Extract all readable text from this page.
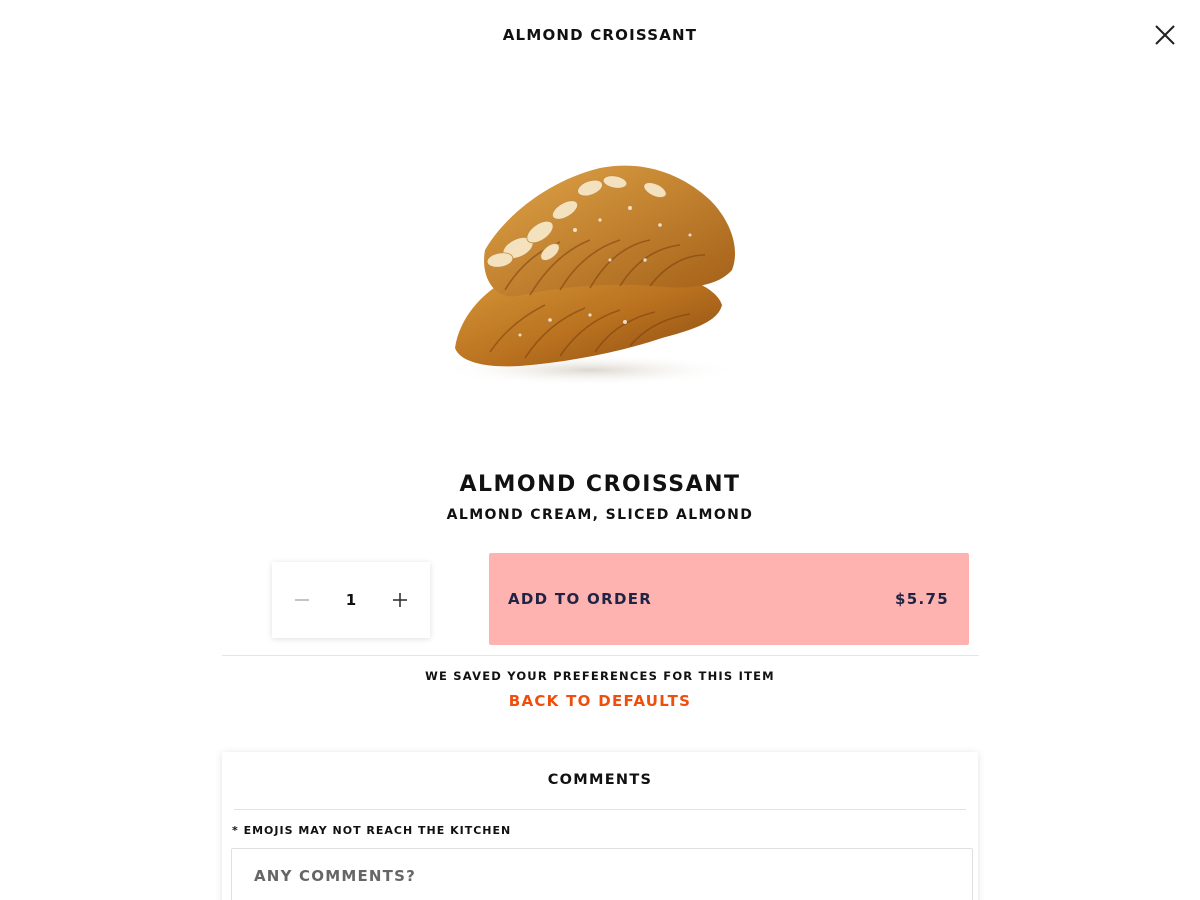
ALMOND CROISSANT
ALMOND CROISSANT
ALMOND CREAM, SLICED ALMOND
1	ADD TO ORDER	$5.75
WE SAVED YOUR PREFERENCES FOR THIS ITEM
BACK TO DEFAULTS
COMMENTS
* EMOJIS MAY NOT REACH THE KITCHEN
ANY COMMENTS?
